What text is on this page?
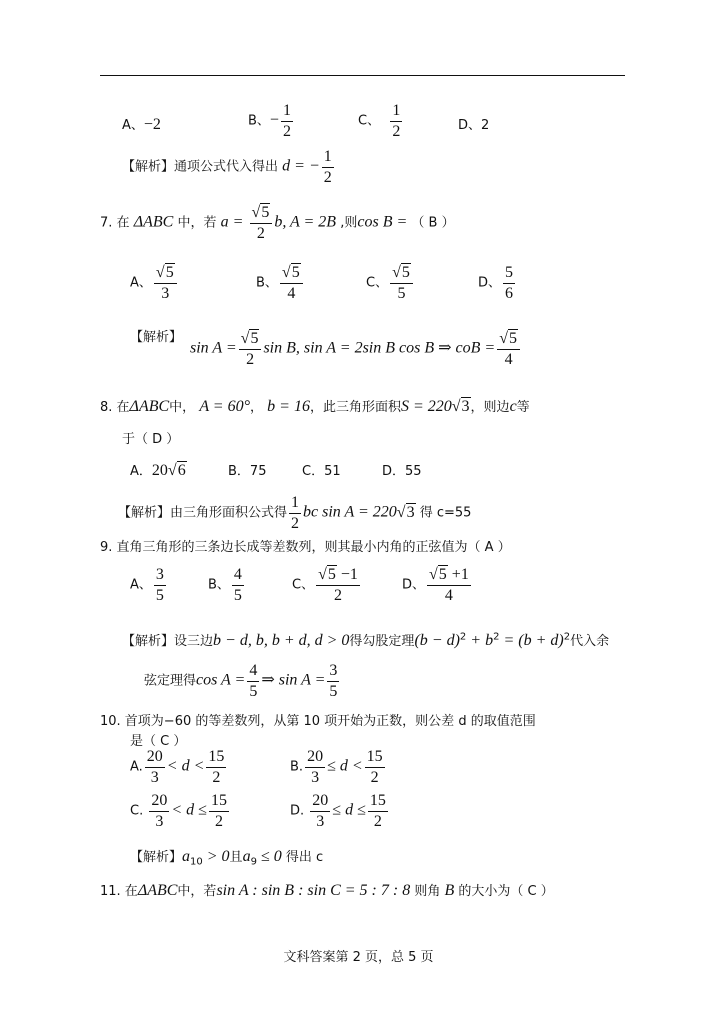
A、−2	B、− $\frac{1}{2}$	C、 $\frac{1}{2}$	D、2
【解析】通项公式代入得出 d = − $\frac{1}{2}$
7. 在 ΔABC 中，若 $a = \frac{√5}{2} b$, A = 2B ,则cos B = （ B ）
A、 $\frac{√5}{3}$	B、 $\frac{√5}{4}$	C、 $\frac{√5}{5}$	D、 $\frac{5}{6}$
【解析】
$\sin A = \frac{√5}{2}$ sin B, sin A = 2sin B cos B ⇒ coB = $\frac{√5}{4}$
8. 在ΔABC中， A = 60°， b = 16，此三角形面积S = 220√3，则边c等
于（ D ）
A．20√6	B．75	C．51	D．55
【解析】由三角形面积公式得 $\frac{1}{2}$ bc sin A = 220√3 得 c=55
9. 直角三角形的三条边长成等差数列，则其最小内角的正弦值为（ A ）
A、 $\frac{3}{5}$	B、 $\frac{4}{5}$	C、 $\frac{√5 -1}{2}$	D、 $\frac{√5 +1}{4}$
【解析】设三边b − d, b, b + d, d > 0得勾股定理$(b - d)^2 + b^2 = (b + d)^2$代入余
弦定理得$\cos A = \frac{4}{5}$ ⇒ $\sin A = \frac{3}{5}$
10. 首项为−60 的等差数列，从第 10 项开始为正数，则公差 d 的取值范围
是（ C ）
A. $\frac{20}{3} < d < \frac{15}{2}$	B. $\frac{20}{3} \le d < \frac{15}{2}$
C. $\frac{20}{3} < d \le \frac{15}{2}$	D. $\frac{20}{3} \le d \le \frac{15}{2}$
【解析】$a_{10} > 0$且$a_9 \le 0$ 得出 c
11. 在ΔABC中，若sin A : sin B : sin C = 5 : 7 : 8 则角 B 的大小为（ C ）
文科答案第 2 页，总 5 页
